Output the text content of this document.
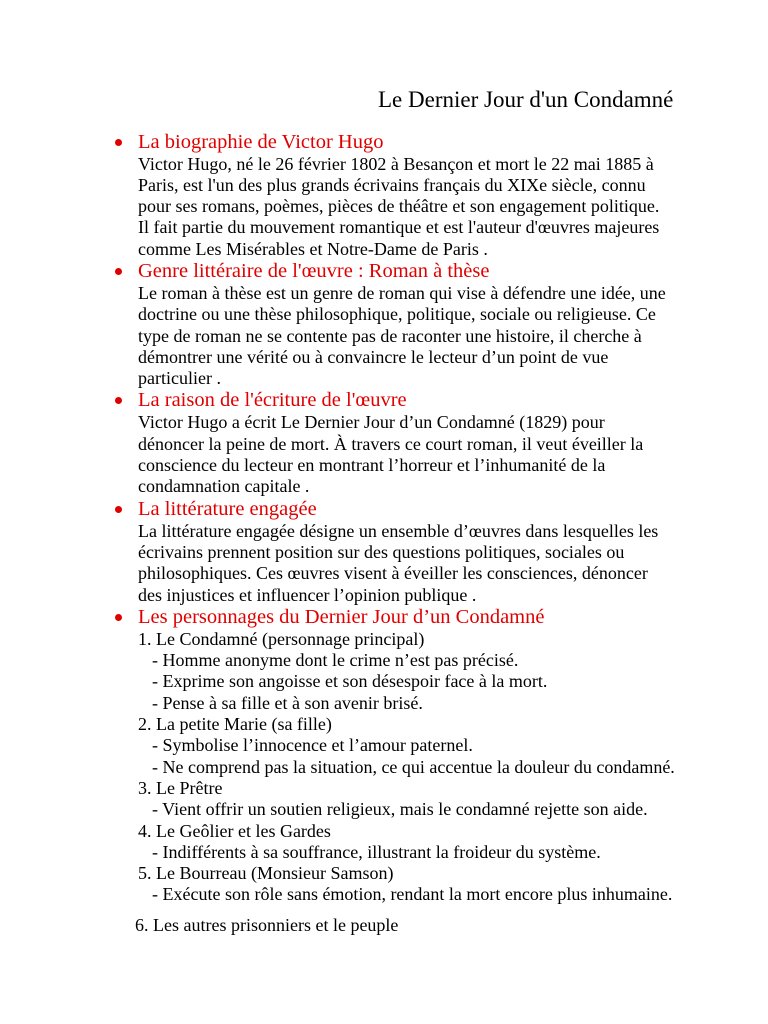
Le Dernier Jour d'un Condamné
La biographie de Victor Hugo
Victor Hugo, né le 26 février 1802 à Besançon et mort le 22 mai 1885 à
Paris, est l'un des plus grands écrivains français du XIXe siècle, connu
pour ses romans, poèmes, pièces de théâtre et son engagement politique.
Il fait partie du mouvement romantique et est l'auteur d'œuvres majeures
comme Les Misérables et Notre-Dame de Paris .
Genre littéraire de l'œuvre : Roman à thèse
Le roman à thèse est un genre de roman qui vise à défendre une idée, une
doctrine ou une thèse philosophique, politique, sociale ou religieuse. Ce
type de roman ne se contente pas de raconter une histoire, il cherche à
démontrer une vérité ou à convaincre le lecteur d’un point de vue
particulier .
La raison de l'écriture de l'œuvre
Victor Hugo a écrit Le Dernier Jour d’un Condamné (1829) pour
dénoncer la peine de mort. À travers ce court roman, il veut éveiller la
conscience du lecteur en montrant l’horreur et l’inhumanité de la
condamnation capitale .
La littérature engagée
La littérature engagée désigne un ensemble d’œuvres dans lesquelles les
écrivains prennent position sur des questions politiques, sociales ou
philosophiques. Ces œuvres visent à éveiller les consciences, dénoncer
des injustices et influencer l’opinion publique .
Les personnages du Dernier Jour d’un Condamné
1. Le Condamné (personnage principal)
- Homme anonyme dont le crime n’est pas précisé.
- Exprime son angoisse et son désespoir face à la mort.
- Pense à sa fille et à son avenir brisé.
2. La petite Marie (sa fille)
- Symbolise l’innocence et l’amour paternel.
- Ne comprend pas la situation, ce qui accentue la douleur du condamné.
3. Le Prêtre
- Vient offrir un soutien religieux, mais le condamné rejette son aide.
4. Le Geôlier et les Gardes
- Indifférents à sa souffrance, illustrant la froideur du système.
5. Le Bourreau (Monsieur Samson)
- Exécute son rôle sans émotion, rendant la mort encore plus inhumaine.
6. Les autres prisonniers et le peuple
